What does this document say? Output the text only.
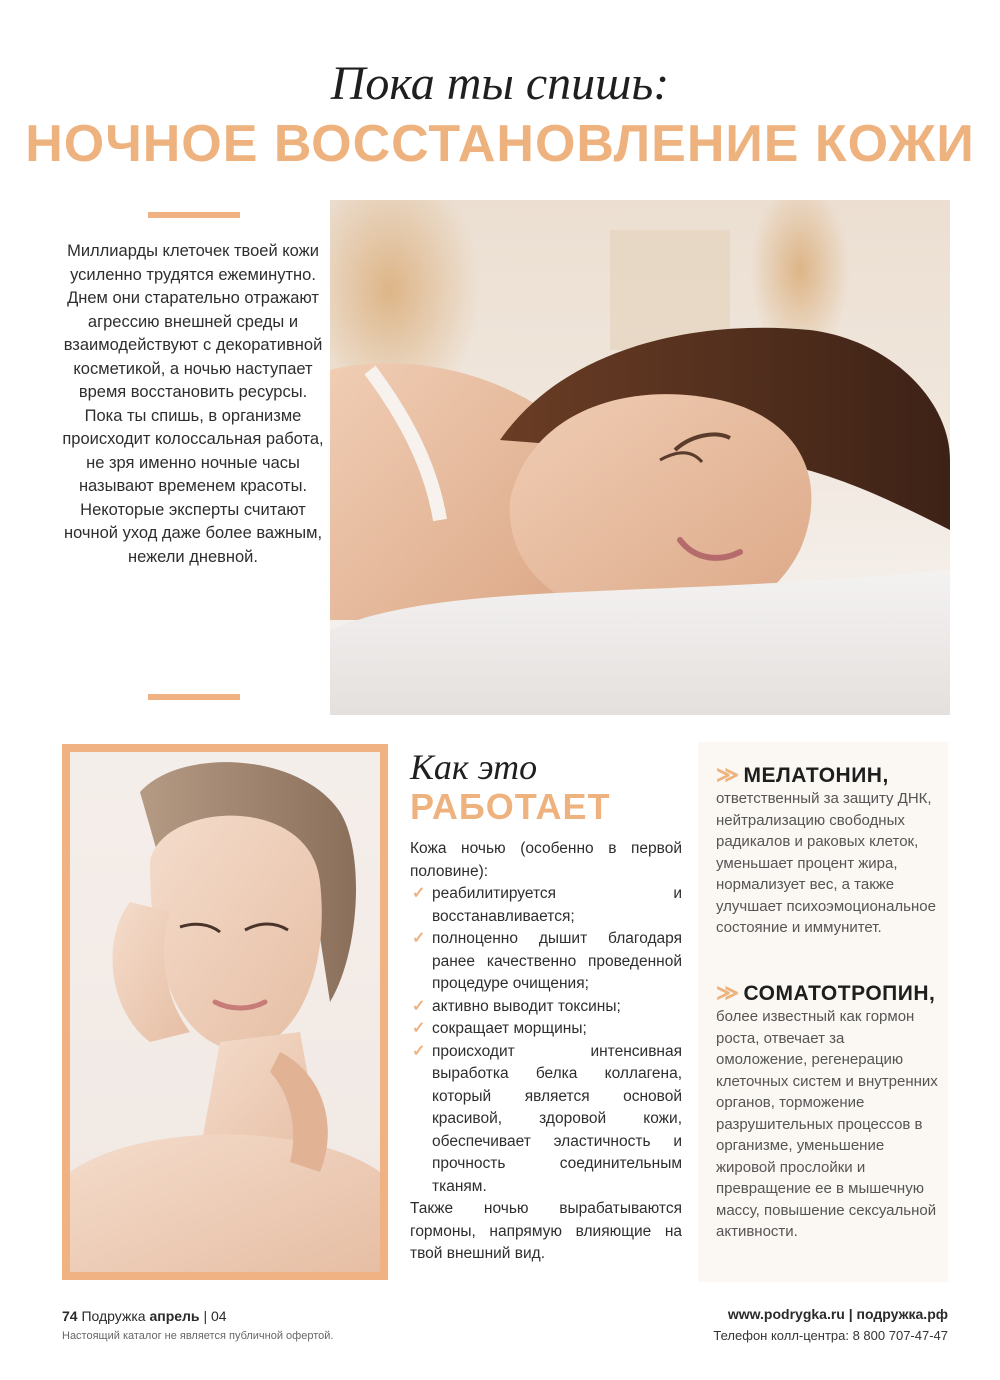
Пока ты спишь:
НОЧНОЕ ВОССТАНОВЛЕНИЕ КОЖИ
Миллиарды клеточек твоей кожи усиленно трудятся ежеминутно. Днем они старательно отражают агрессию внешней среды и взаимодействуют с декоративной косметикой, а ночью наступает время восстановить ресурсы. Пока ты спишь, в организме происходит колоссальная работа, не зря именно ночные часы называют временем красоты. Некоторые эксперты считают ночной уход даже более важным, нежели дневной.
Как это
РАБОТАЕТ

Кожа ночью (особенно в первой половине):

✓ реабилитируется и восстанавливается;
✓ полноценно дышит благодаря ранее качественно проведенной процедуре очищения;
✓ активно выводит токсины;
✓ сокращает морщины;
✓ происходит интенсивная выработка белка коллагена, который является основой красивой, здоровой кожи, обеспечивает эластичность и прочность соединительным тканям.

Также ночью вырабатываются гормоны, напрямую влияющие на твой внешний вид.

≫ МЕЛАТОНИН,
ответственный за защиту ДНК, нейтрализацию свободных радикалов и раковых клеток, уменьшает процент жира, нормализует вес, а также улучшает психоэмоциональное состояние и иммунитет.
≫ СОМАТОТРОПИН,
более известный как гормон роста, отвечает за омоложение, регенерацию клеточных систем и внутренних органов, торможение разрушительных процессов в организме, уменьшение жировой прослойки и превращение ее в мышечную массу, повышение сексуальной активности.
74 Подружка апрель | 04
Настоящий каталог не является публичной офертой.
www.podrygka.ru | подружка.рф
Телефон колл-центра: 8 800 707-47-47
